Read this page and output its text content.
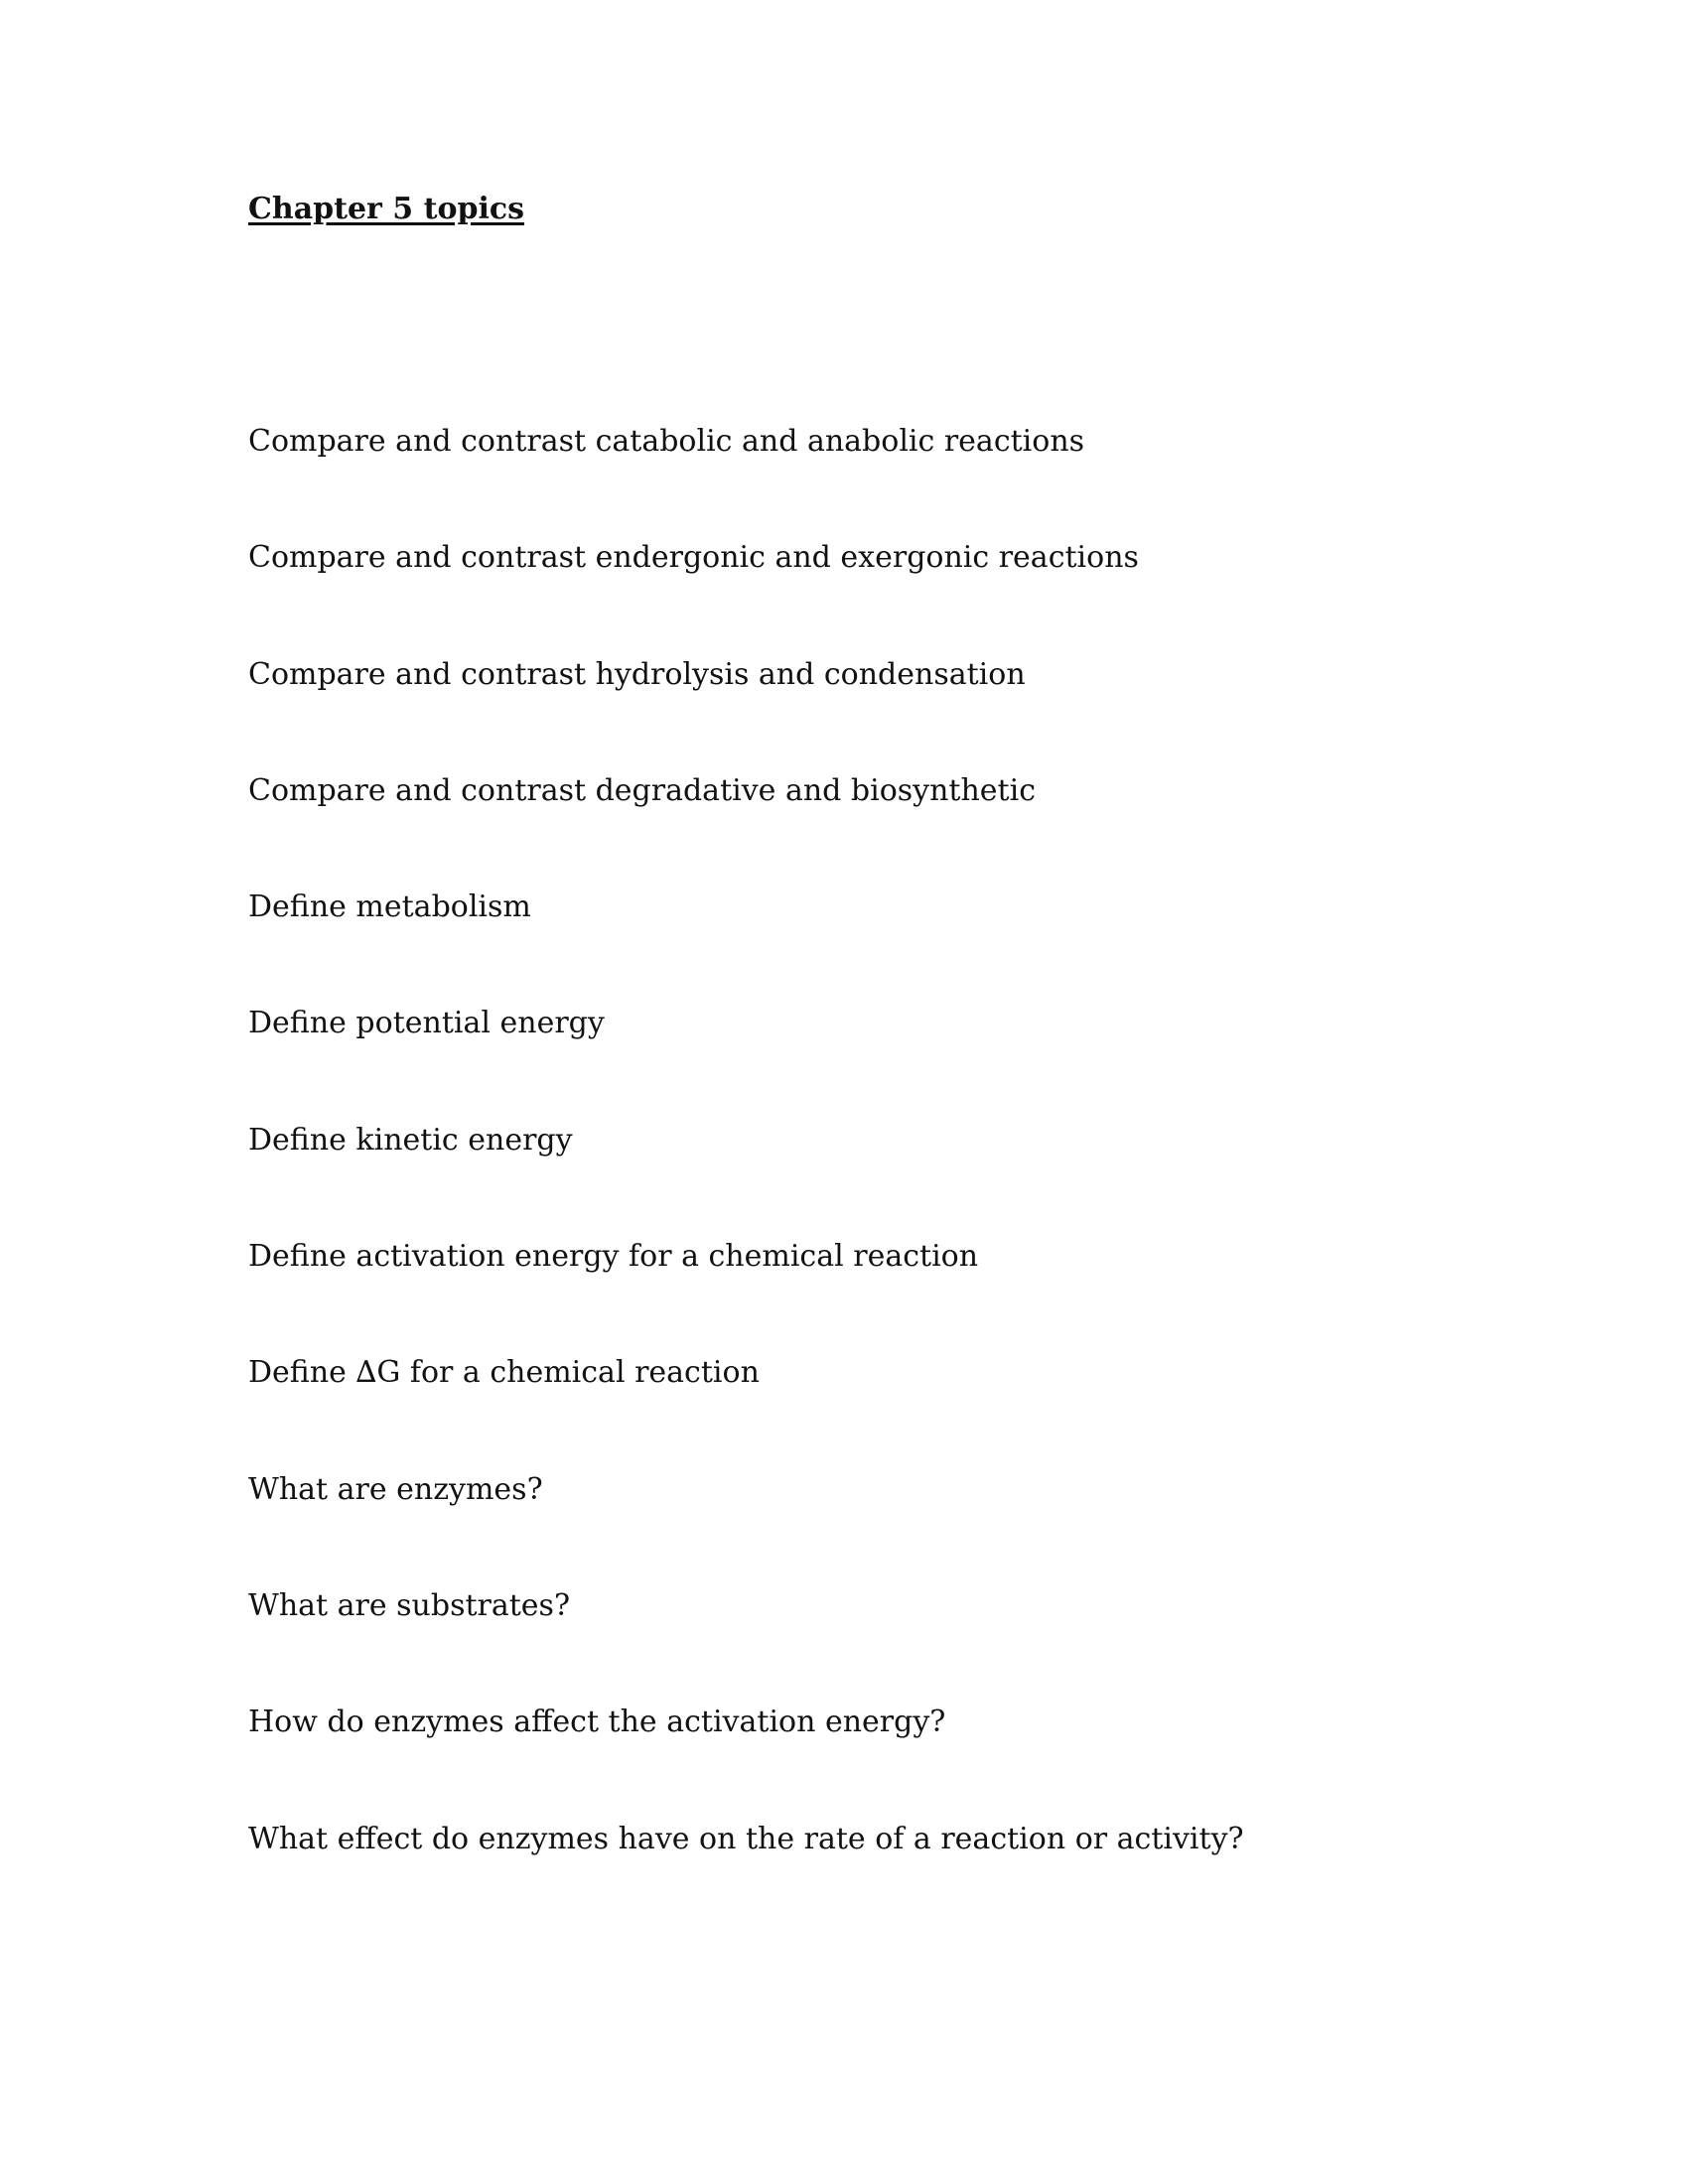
Chapter 5 topics
Compare and contrast catabolic and anabolic reactions
Compare and contrast endergonic and exergonic reactions
Compare and contrast hydrolysis and condensation
Compare and contrast degradative and biosynthetic
Define metabolism
Define potential energy
Define kinetic energy
Define activation energy for a chemical reaction
Define ∆G for a chemical reaction
What are enzymes?
What are substrates?
How do enzymes affect the activation energy?
What effect do enzymes have on the rate of a reaction or activity?
